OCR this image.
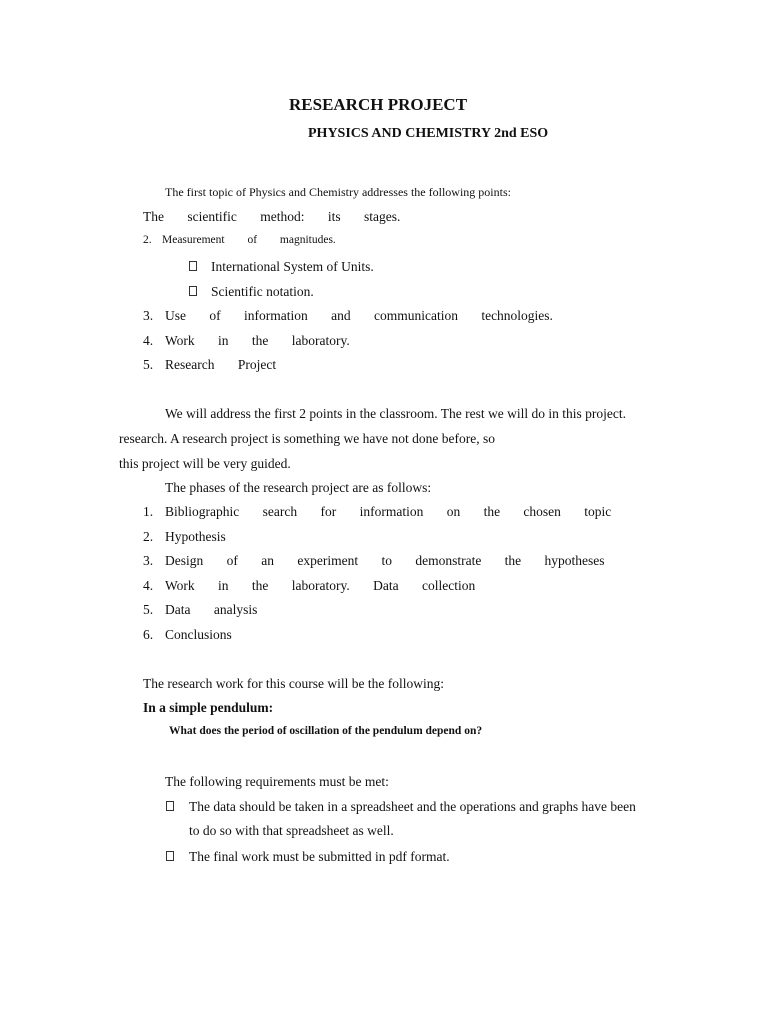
RESEARCH PROJECT
PHYSICS AND CHEMISTRY 2nd ESO
The first topic of Physics and Chemistry addresses the following points:
The scientific method: its stages.
2. Measurement of magnitudes.
International System of Units.
Scientific notation.
3. Use of information and communication technologies.
4. Work in the laboratory.
5. Research Project
We will address the first 2 points in the classroom. The rest we will do in this project.
research. A research project is something we have not done before, so
this project will be very guided.
The phases of the research project are as follows:
1. Bibliographic search for information on the chosen topic
2. Hypothesis
3. Design of an experiment to demonstrate the hypotheses
4. Work in the laboratory. Data collection
5. Data analysis
6. Conclusions
The research work for this course will be the following:
In a simple pendulum:
What does the period of oscillation of the pendulum depend on?
The following requirements must be met:
The data should be taken in a spreadsheet and the operations and graphs have been
to do so with that spreadsheet as well.
The final work must be submitted in pdf format.
